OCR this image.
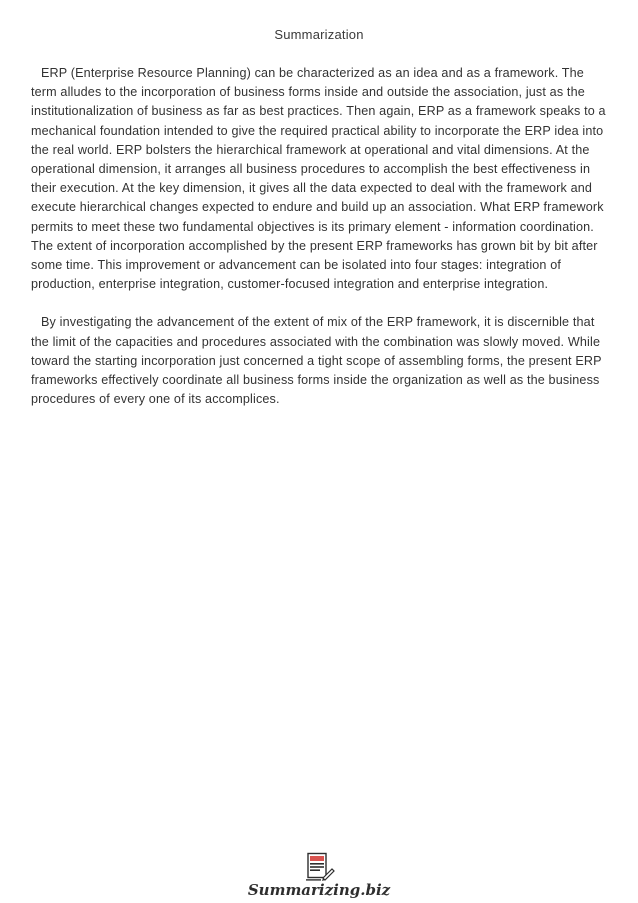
Summarization

ERP (Enterprise Resource Planning) can be characterized as an idea and as a framework. The term alludes to the incorporation of business forms inside and outside the association, just as the institutionalization of business as far as best practices. Then again, ERP as a framework speaks to a mechanical foundation intended to give the required practical ability to incorporate the ERP idea into the real world. ERP bolsters the hierarchical framework at operational and vital dimensions. At the operational dimension, it arranges all business procedures to accomplish the best effectiveness in their execution. At the key dimension, it gives all the data expected to deal with the framework and execute hierarchical changes expected to endure and build up an association. What ERP framework permits to meet these two fundamental objectives is its primary element - information coordination. The extent of incorporation accomplished by the present ERP frameworks has grown bit by bit after some time. This improvement or advancement can be isolated into four stages: integration of production, enterprise integration, customer-focused integration and enterprise integration.

By investigating the advancement of the extent of mix of the ERP framework, it is discernible that the limit of the capacities and procedures associated with the combination was slowly moved. While toward the starting incorporation just concerned a tight scope of assembling forms, the present ERP frameworks effectively coordinate all business forms inside the organization as well as the business procedures of every one of its accomplices.

Summarizing.biz
